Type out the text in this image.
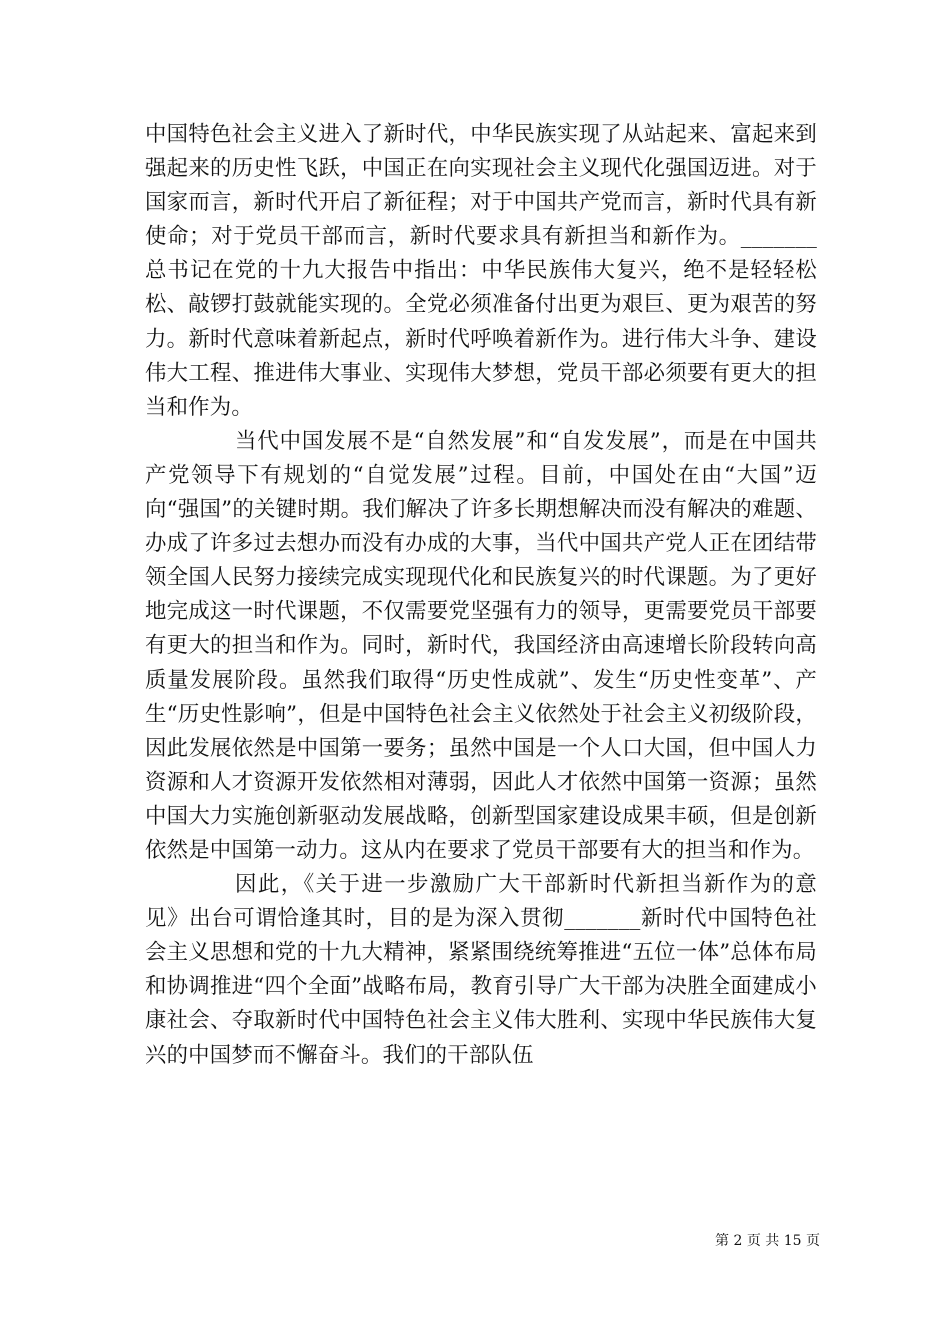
中国特色社会主义进入了新时代，中华民族实现了从站起来、富起来到强起来的历史性飞跃，中国正在向实现社会主义现代化强国迈进。对于国家而言，新时代开启了新征程；对于中国共产党而言，新时代具有新使命；对于党员干部而言，新时代要求具有新担当和新作为。_______总书记在党的十九大报告中指出：中华民族伟大复兴，绝不是轻轻松松、敲锣打鼓就能实现的。全党必须准备付出更为艰巨、更为艰苦的努力。新时代意味着新起点，新时代呼唤着新作为。进行伟大斗争、建设伟大工程、推进伟大事业、实现伟大梦想，党员干部必须要有更大的担当和作为。

当代中国发展不是“自然发展”和“自发发展”，而是在中国共产党领导下有规划的“自觉发展”过程。目前，中国处在由“大国”迈向“强国”的关键时期。我们解决了许多长期想解决而没有解决的难题、办成了许多过去想办而没有办成的大事，当代中国共产党人正在团结带领全国人民努力接续完成实现现代化和民族复兴的时代课题。为了更好地完成这一时代课题，不仅需要党坚强有力的领导，更需要党员干部要有更大的担当和作为。同时，新时代，我国经济由高速增长阶段转向高质量发展阶段。虽然我们取得“历史性成就”、发生“历史性变革”、产生“历史性影响”，但是中国特色社会主义依然处于社会主义初级阶段，因此发展依然是中国第一要务；虽然中国是一个人口大国，但中国人力资源和人才资源开发依然相对薄弱，因此人才依然中国第一资源；虽然中国大力实施创新驱动发展战略，创新型国家建设成果丰硕，但是创新依然是中国第一动力。这从内在要求了党员干部要有大的担当和作为。

因此，《关于进一步激励广大干部新时代新担当新作为的意见》出台可谓恰逢其时，目的是为深入贯彻_______新时代中国特色社会主义思想和党的十九大精神，紧紧围绕统筹推进“五位一体”总体布局和协调推进“四个全面”战略布局，教育引导广大干部为决胜全面建成小康社会、夺取新时代中国特色社会主义伟大胜利、实现中华民族伟大复兴的中国梦而不懈奋斗。我们的干部队伍

第 2 页 共 15 页
